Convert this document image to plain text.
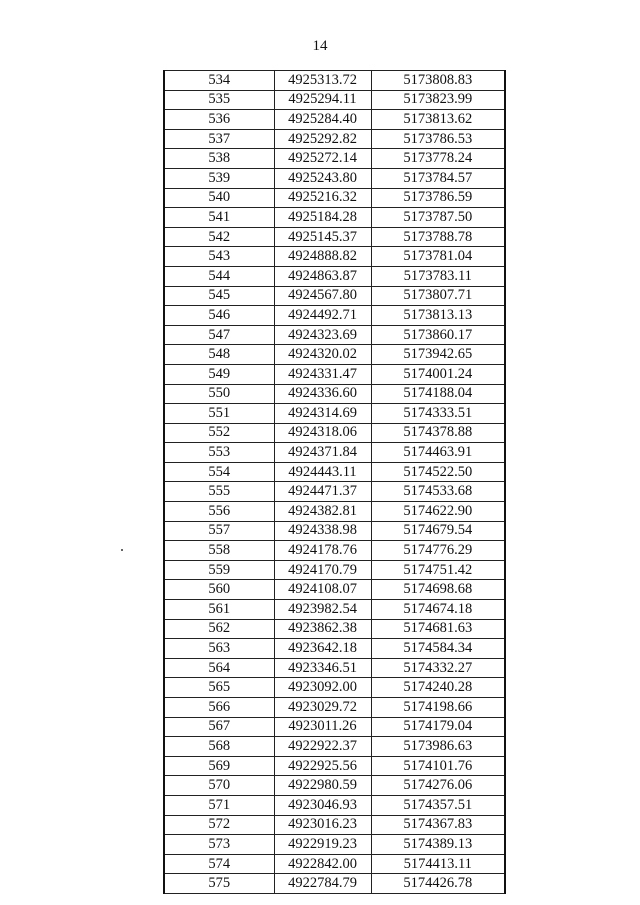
14
534	4925313.72	5173808.83
535	4925294.11	5173823.99
536	4925284.40	5173813.62
537	4925292.82	5173786.53
538	4925272.14	5173778.24
539	4925243.80	5173784.57
540	4925216.32	5173786.59
541	4925184.28	5173787.50
542	4925145.37	5173788.78
543	4924888.82	5173781.04
544	4924863.87	5173783.11
545	4924567.80	5173807.71
546	4924492.71	5173813.13
547	4924323.69	5173860.17
548	4924320.02	5173942.65
549	4924331.47	5174001.24
550	4924336.60	5174188.04
551	4924314.69	5174333.51
552	4924318.06	5174378.88
553	4924371.84	5174463.91
554	4924443.11	5174522.50
555	4924471.37	5174533.68
556	4924382.81	5174622.90
557	4924338.98	5174679.54
558	4924178.76	5174776.29
559	4924170.79	5174751.42
560	4924108.07	5174698.68
561	4923982.54	5174674.18
562	4923862.38	5174681.63
563	4923642.18	5174584.34
564	4923346.51	5174332.27
565	4923092.00	5174240.28
566	4923029.72	5174198.66
567	4923011.26	5174179.04
568	4922922.37	5173986.63
569	4922925.56	5174101.76
570	4922980.59	5174276.06
571	4923046.93	5174357.51
572	4923016.23	5174367.83
573	4922919.23	5174389.13
574	4922842.00	5174413.11
575	4922784.79	5174426.78
